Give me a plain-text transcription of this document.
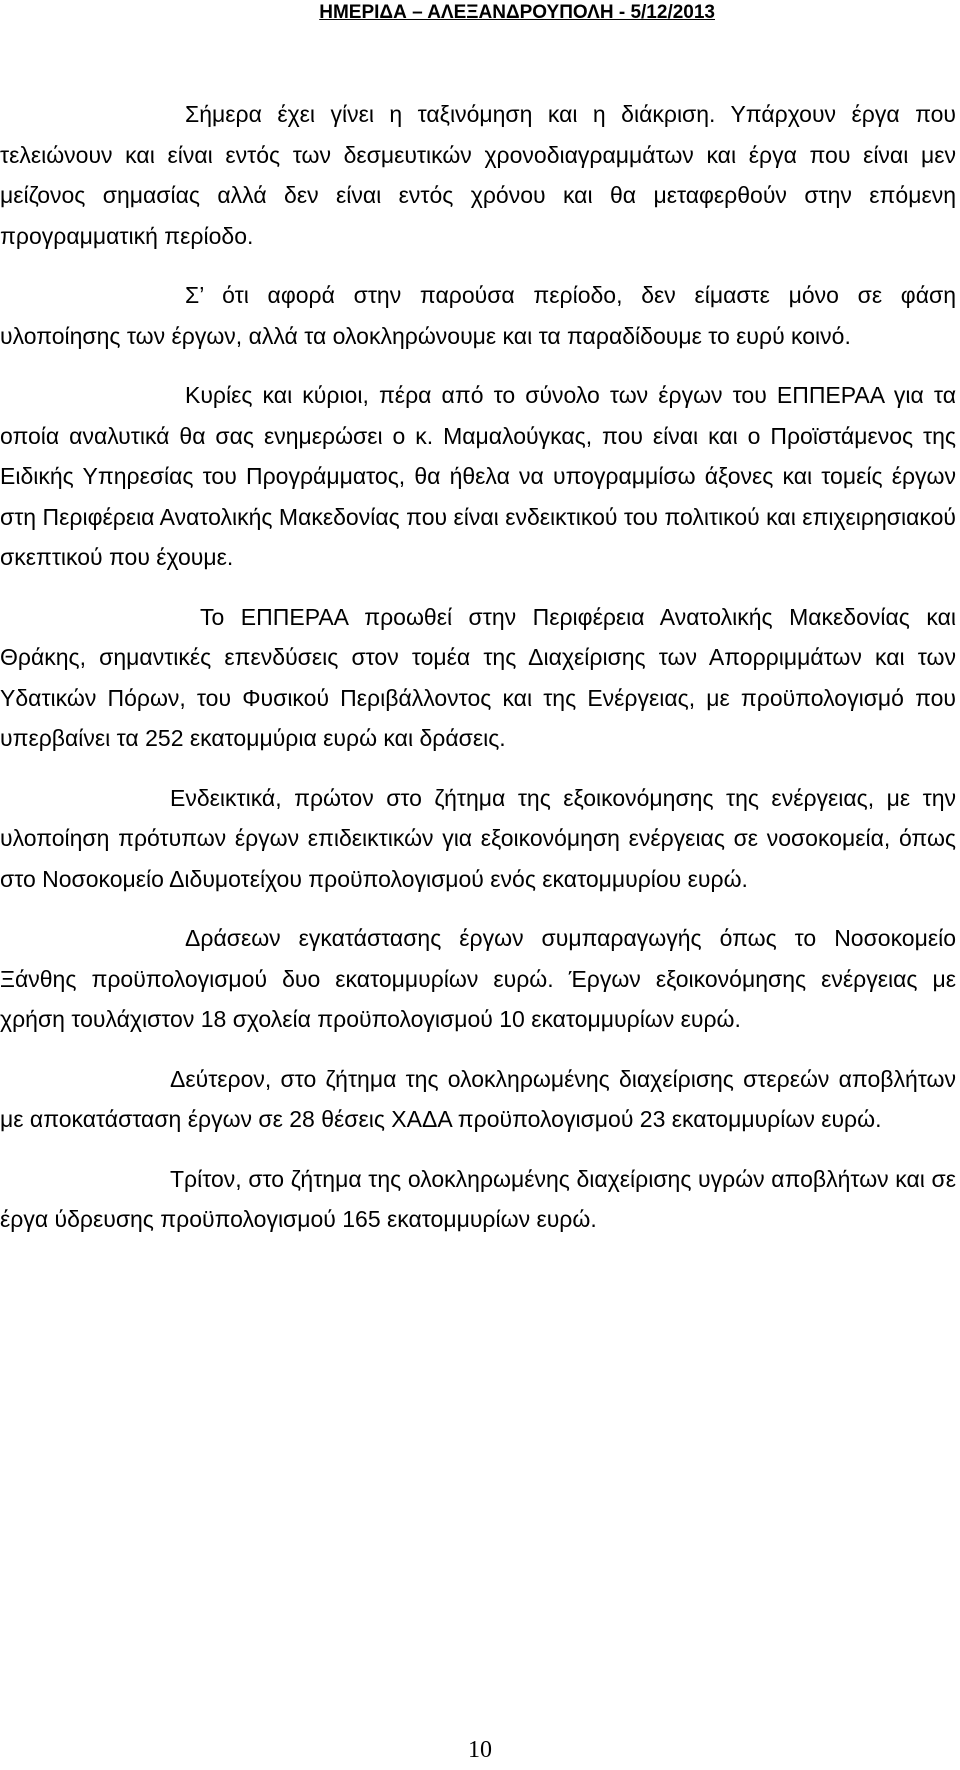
ΗΜΕΡΙΔΑ – ΑΛΕΞΑΝΔΡΟΥΠΟΛΗ - 5/12/2013

Σήμερα έχει γίνει η ταξινόμηση και η διάκριση. Υπάρχουν έργα που τελειώνουν και είναι εντός των δεσμευτικών χρονοδιαγραμμάτων και έργα που είναι μεν μείζονος σημασίας αλλά δεν είναι εντός χρόνου και θα μεταφερθούν στην επόμενη προγραμματική περίοδο.

Σ’ ότι αφορά στην παρούσα περίοδο, δεν είμαστε μόνο σε φάση υλοποίησης των έργων, αλλά τα ολοκληρώνουμε και τα παραδίδουμε το ευρύ κοινό.

Κυρίες και κύριοι, πέρα από το σύνολο των έργων του ΕΠΠΕΡΑΑ για τα οποία αναλυτικά θα σας ενημερώσει ο κ. Μαμαλούγκας, που είναι και ο Προϊστάμενος της Ειδικής Υπηρεσίας του Προγράμματος, θα ήθελα να υπογραμμίσω άξονες και τομείς έργων στη Περιφέρεια Ανατολικής Μακεδονίας που είναι ενδεικτικού του πολιτικού και επιχειρησιακού σκεπτικού που έχουμε.

Το ΕΠΠΕΡΑΑ προωθεί στην Περιφέρεια Ανατολικής Μακεδονίας και Θράκης, σημαντικές επενδύσεις στον τομέα της Διαχείρισης των Απορριμμάτων και των Υδατικών Πόρων, του Φυσικού Περιβάλλοντος και της Ενέργειας, με προϋπολογισμό που υπερβαίνει τα 252 εκατομμύρια ευρώ και δράσεις.

Ενδεικτικά, πρώτον στο ζήτημα της εξοικονόμησης της ενέργειας, με την υλοποίηση πρότυπων έργων επιδεικτικών για εξοικονόμηση ενέργειας σε νοσοκομεία, όπως στο Νοσοκομείο Διδυμοτείχου προϋπολογισμού ενός εκατομμυρίου ευρώ.

Δράσεων εγκατάστασης έργων συμπαραγωγής όπως το Νοσοκομείο Ξάνθης προϋπολογισμού δυο εκατομμυρίων ευρώ. Έργων εξοικονόμησης ενέργειας με χρήση τουλάχιστον 18 σχολεία προϋπολογισμού 10 εκατομμυρίων ευρώ.

Δεύτερον, στο ζήτημα της ολοκληρωμένης διαχείρισης στερεών αποβλήτων με αποκατάσταση έργων σε 28 θέσεις ΧΑΔΑ προϋπολογισμού 23 εκατομμυρίων ευρώ.

Τρίτον, στο ζήτημα της ολοκληρωμένης διαχείρισης υγρών αποβλήτων και σε έργα ύδρευσης προϋπολογισμού 165 εκατομμυρίων ευρώ.

10
